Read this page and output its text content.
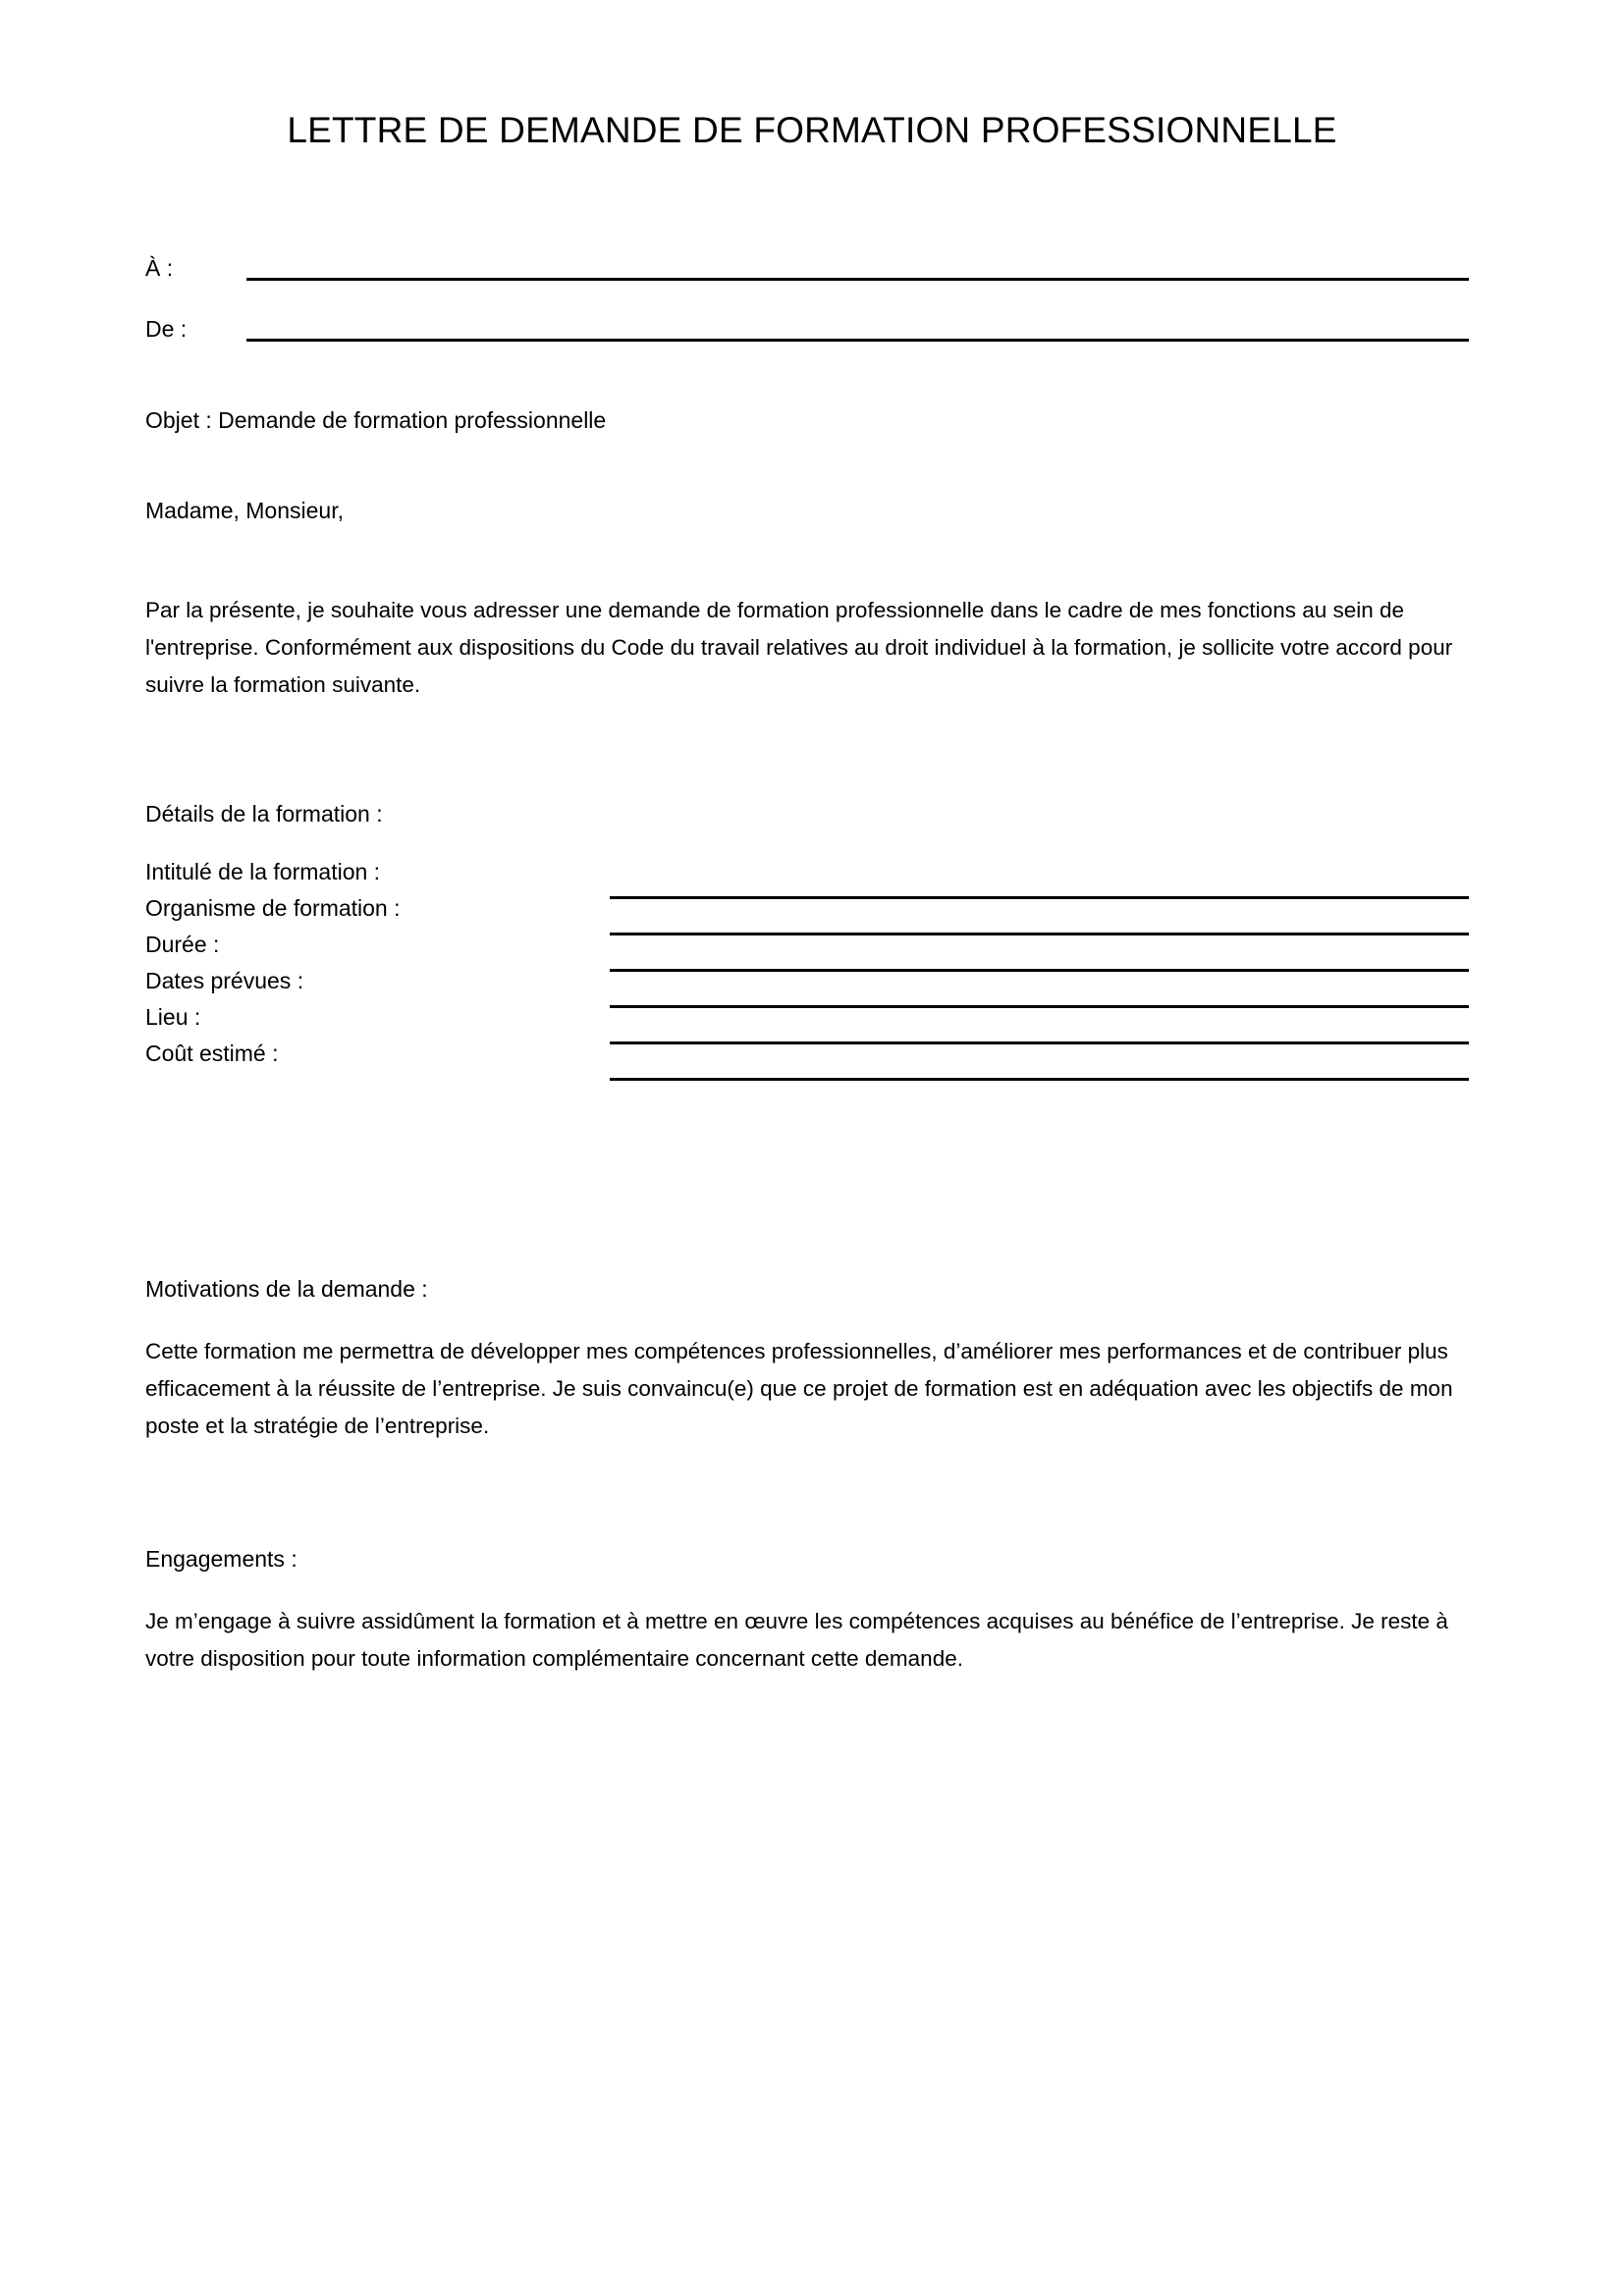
LETTRE DE DEMANDE DE FORMATION PROFESSIONNELLE
À :
De :
Objet : Demande de formation professionnelle
Madame, Monsieur,
Par la présente, je souhaite vous adresser une demande de formation professionnelle dans le cadre de mes fonctions au sein de l'entreprise. Conformément aux dispositions du Code du travail relatives au droit individuel à la formation, je sollicite votre accord pour suivre la formation suivante.
Détails de la formation :
Intitulé de la formation :
Organisme de formation :
Durée :
Dates prévues :
Lieu :
Coût estimé :
Motivations de la demande :
Cette formation me permettra de développer mes compétences professionnelles, d’améliorer mes performances et de contribuer plus efficacement à la réussite de l’entreprise. Je suis convaincu(e) que ce projet de formation est en adéquation avec les objectifs de mon poste et la stratégie de l’entreprise.
Engagements :
Je m’engage à suivre assidûment la formation et à mettre en œuvre les compétences acquises au bénéfice de l’entreprise. Je reste à votre disposition pour toute information complémentaire concernant cette demande.
